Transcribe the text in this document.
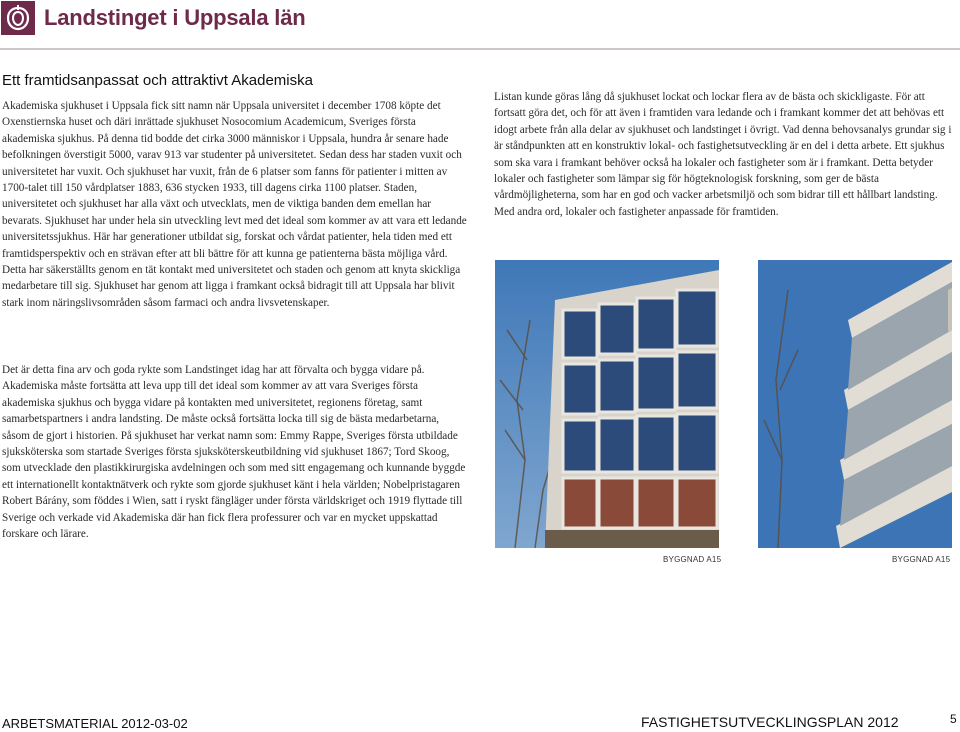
Landstinget i Uppsala län
Ett framtidsanpassat och attraktivt Akademiska

Akademiska sjukhuset i Uppsala fick sitt namn när Uppsala universitet i december 1708 köpte det Oxenstiernska huset och däri inrättade sjukhuset Nosocomium Academicum, Sveriges första akademiska sjukhus. På denna tid bodde det cirka 3000 människor i Uppsala, hundra år senare hade befolkningen överstigit 5000, varav 913 var studenter på universitetet. Sedan dess har staden vuxit och universitetet har vuxit. Och sjukhuset har vuxit, från de 6 platser som fanns för patienter i mitten av 1700-talet till 150 vårdplatser 1883, 636 stycken 1933, till dagens cirka 1100 platser. Staden, universitetet och sjukhuset har alla växt och utvecklats, men de viktiga banden dem emellan har bevarats. Sjukhuset har under hela sin utveckling levt med det ideal som kommer av att vara ett ledande universitetssjukhus. Här har generationer utbildat sig, forskat och vårdat patienter, hela tiden med ett framtidsperspektiv och en strävan efter att bli bättre för att kunna ge patienterna bästa möjliga vård. Detta har säkerställts genom en tät kontakt med universitetet och staden och genom att knyta skickliga medarbetare till sig. Sjukhuset har genom att ligga i framkant också bidragit till att Uppsala har blivit stark inom näringslivsområden såsom farmaci och andra livsvetenskaper.

Det är detta fina arv och goda rykte som Landstinget idag har att förvalta och bygga vidare på. Akademiska måste fortsätta att leva upp till det ideal som kommer av att vara Sveriges första akademiska sjukhus och bygga vidare på kontakten med universitetet, regionens företag, samt samarbetspartners i andra landsting. De måste också fortsätta locka till sig de bästa medarbetarna, såsom de gjort i historien. På sjukhuset har verkat namn som: Emmy Rappe, Sveriges första utbildade sjuksköterska som startade Sveriges första sjuksköterskeutbildning vid sjukhuset 1867; Tord Skoog, som utvecklade den plastikkirurgiska avdelningen och som med sitt engagemang och kunnande byggde ett internationellt kontaktnätverk och rykte som gjorde sjukhuset känt i hela världen; Nobelpristagaren Robert Bárány, som föddes i Wien, satt i ryskt fängläger under första världskriget och 1919 flyttade till Sverige och verkade vid Akademiska där han fick flera professurer och var en mycket uppskattad forskare och lärare.

Listan kunde göras lång då sjukhuset lockat och lockar flera av de bästa och skickligaste. För att fortsatt göra det, och för att även i framtiden vara ledande och i framkant kommer det att behövas ett idogt arbete från alla delar av sjukhuset och landstinget i övrigt. Vad denna behovsanalys grundar sig i är ståndpunkten att en konstruktiv lokal- och fastighetsutveckling är en del i detta arbete. Ett sjukhus som ska vara i framkant behöver också ha lokaler och fastigheter som är i framkant. Detta betyder lokaler och fastigheter som lämpar sig för högteknologisk forskning, som ger de bästa vårdmöjligheterna, som har en god och vacker arbetsmiljö och som bidrar till ett hållbart landsting. Med andra ord, lokaler och fastigheter anpassade för framtiden.

BYGGNAD A15	BYGGNAD A15
ARBETSMATERIAL 2012-03-02	FASTIGHETSUTVECKLINGSPLAN 2012	5
